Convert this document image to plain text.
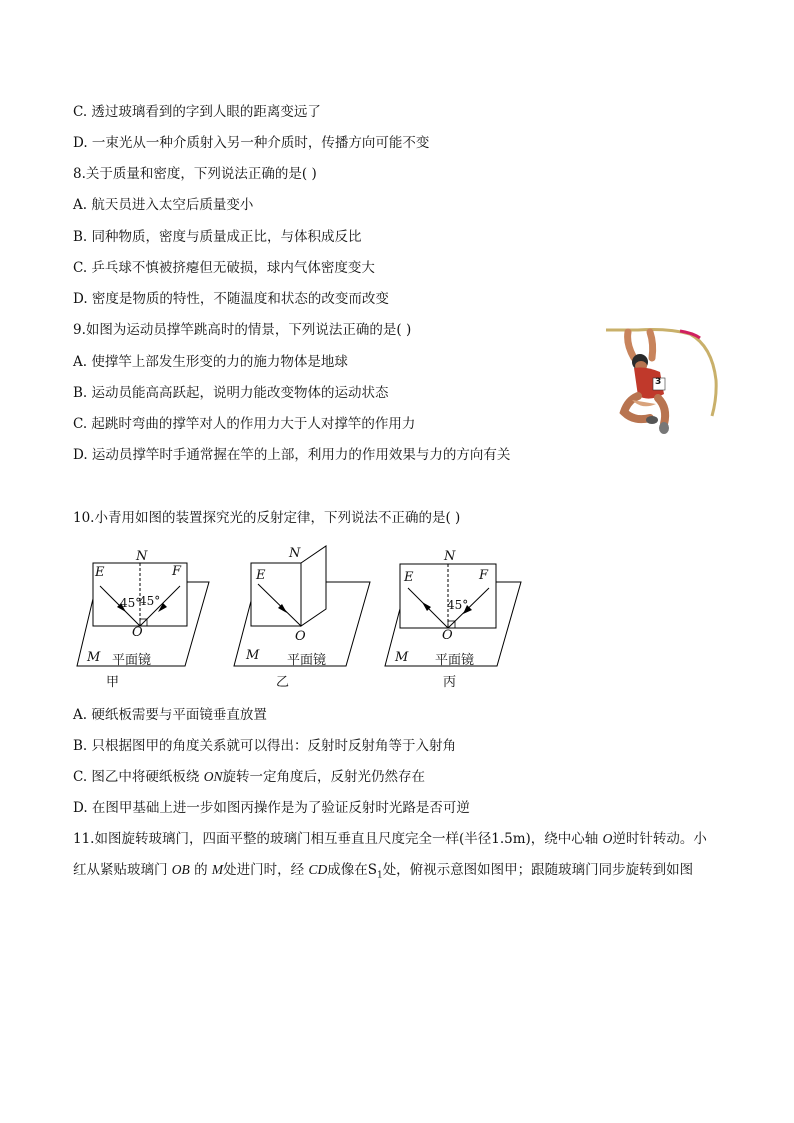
C. 透过玻璃看到的字到人眼的距离变远了
D. 一束光从一种介质射入另一种介质时，传播方向可能不变
8.关于质量和密度，下列说法正确的是( )
A. 航天员进入太空后质量变小
B. 同种物质，密度与质量成正比，与体积成反比
C. 乒乓球不慎被挤瘪但无破损，球内气体密度变大
D. 密度是物质的特性，不随温度和状态的改变而改变
9.如图为运动员撑竿跳高时的情景，下列说法正确的是( )
A. 使撑竿上部发生形变的力的施力物体是地球
B. 运动员能高高跃起，说明力能改变物体的运动状态
C. 起跳时弯曲的撑竿对人的作用力大于人对撑竿的作用力
D. 运动员撑竿时手通常握在竿的上部，利用力的作用效果与力的方向有关
3
10.小青用如图的装置探究光的反射定律，下列说法不正确的是( )
N
E	F
45°
45°
O
M 平面镜
甲
N
E
O
M 平面镜
乙
N
E	F
45°
O
M 平面镜
丙
A. 硬纸板需要与平面镜垂直放置
B. 只根据图甲的角度关系就可以得出：反射时反射角等于入射角
C. 图乙中将硬纸板绕 ON旋转一定角度后，反射光仍然存在
D. 在图甲基础上进一步如图丙操作是为了验证反射时光路是否可逆
11.如图旋转玻璃门，四面平整的玻璃门相互垂直且尺度完全一样(半径1.5m)，绕中心轴 O逆时针转动。小
红从紧贴玻璃门 OB 的 M处进门时，经 CD成像在$S_1$处，俯视示意图如图甲；跟随玻璃门同步旋转到如图
